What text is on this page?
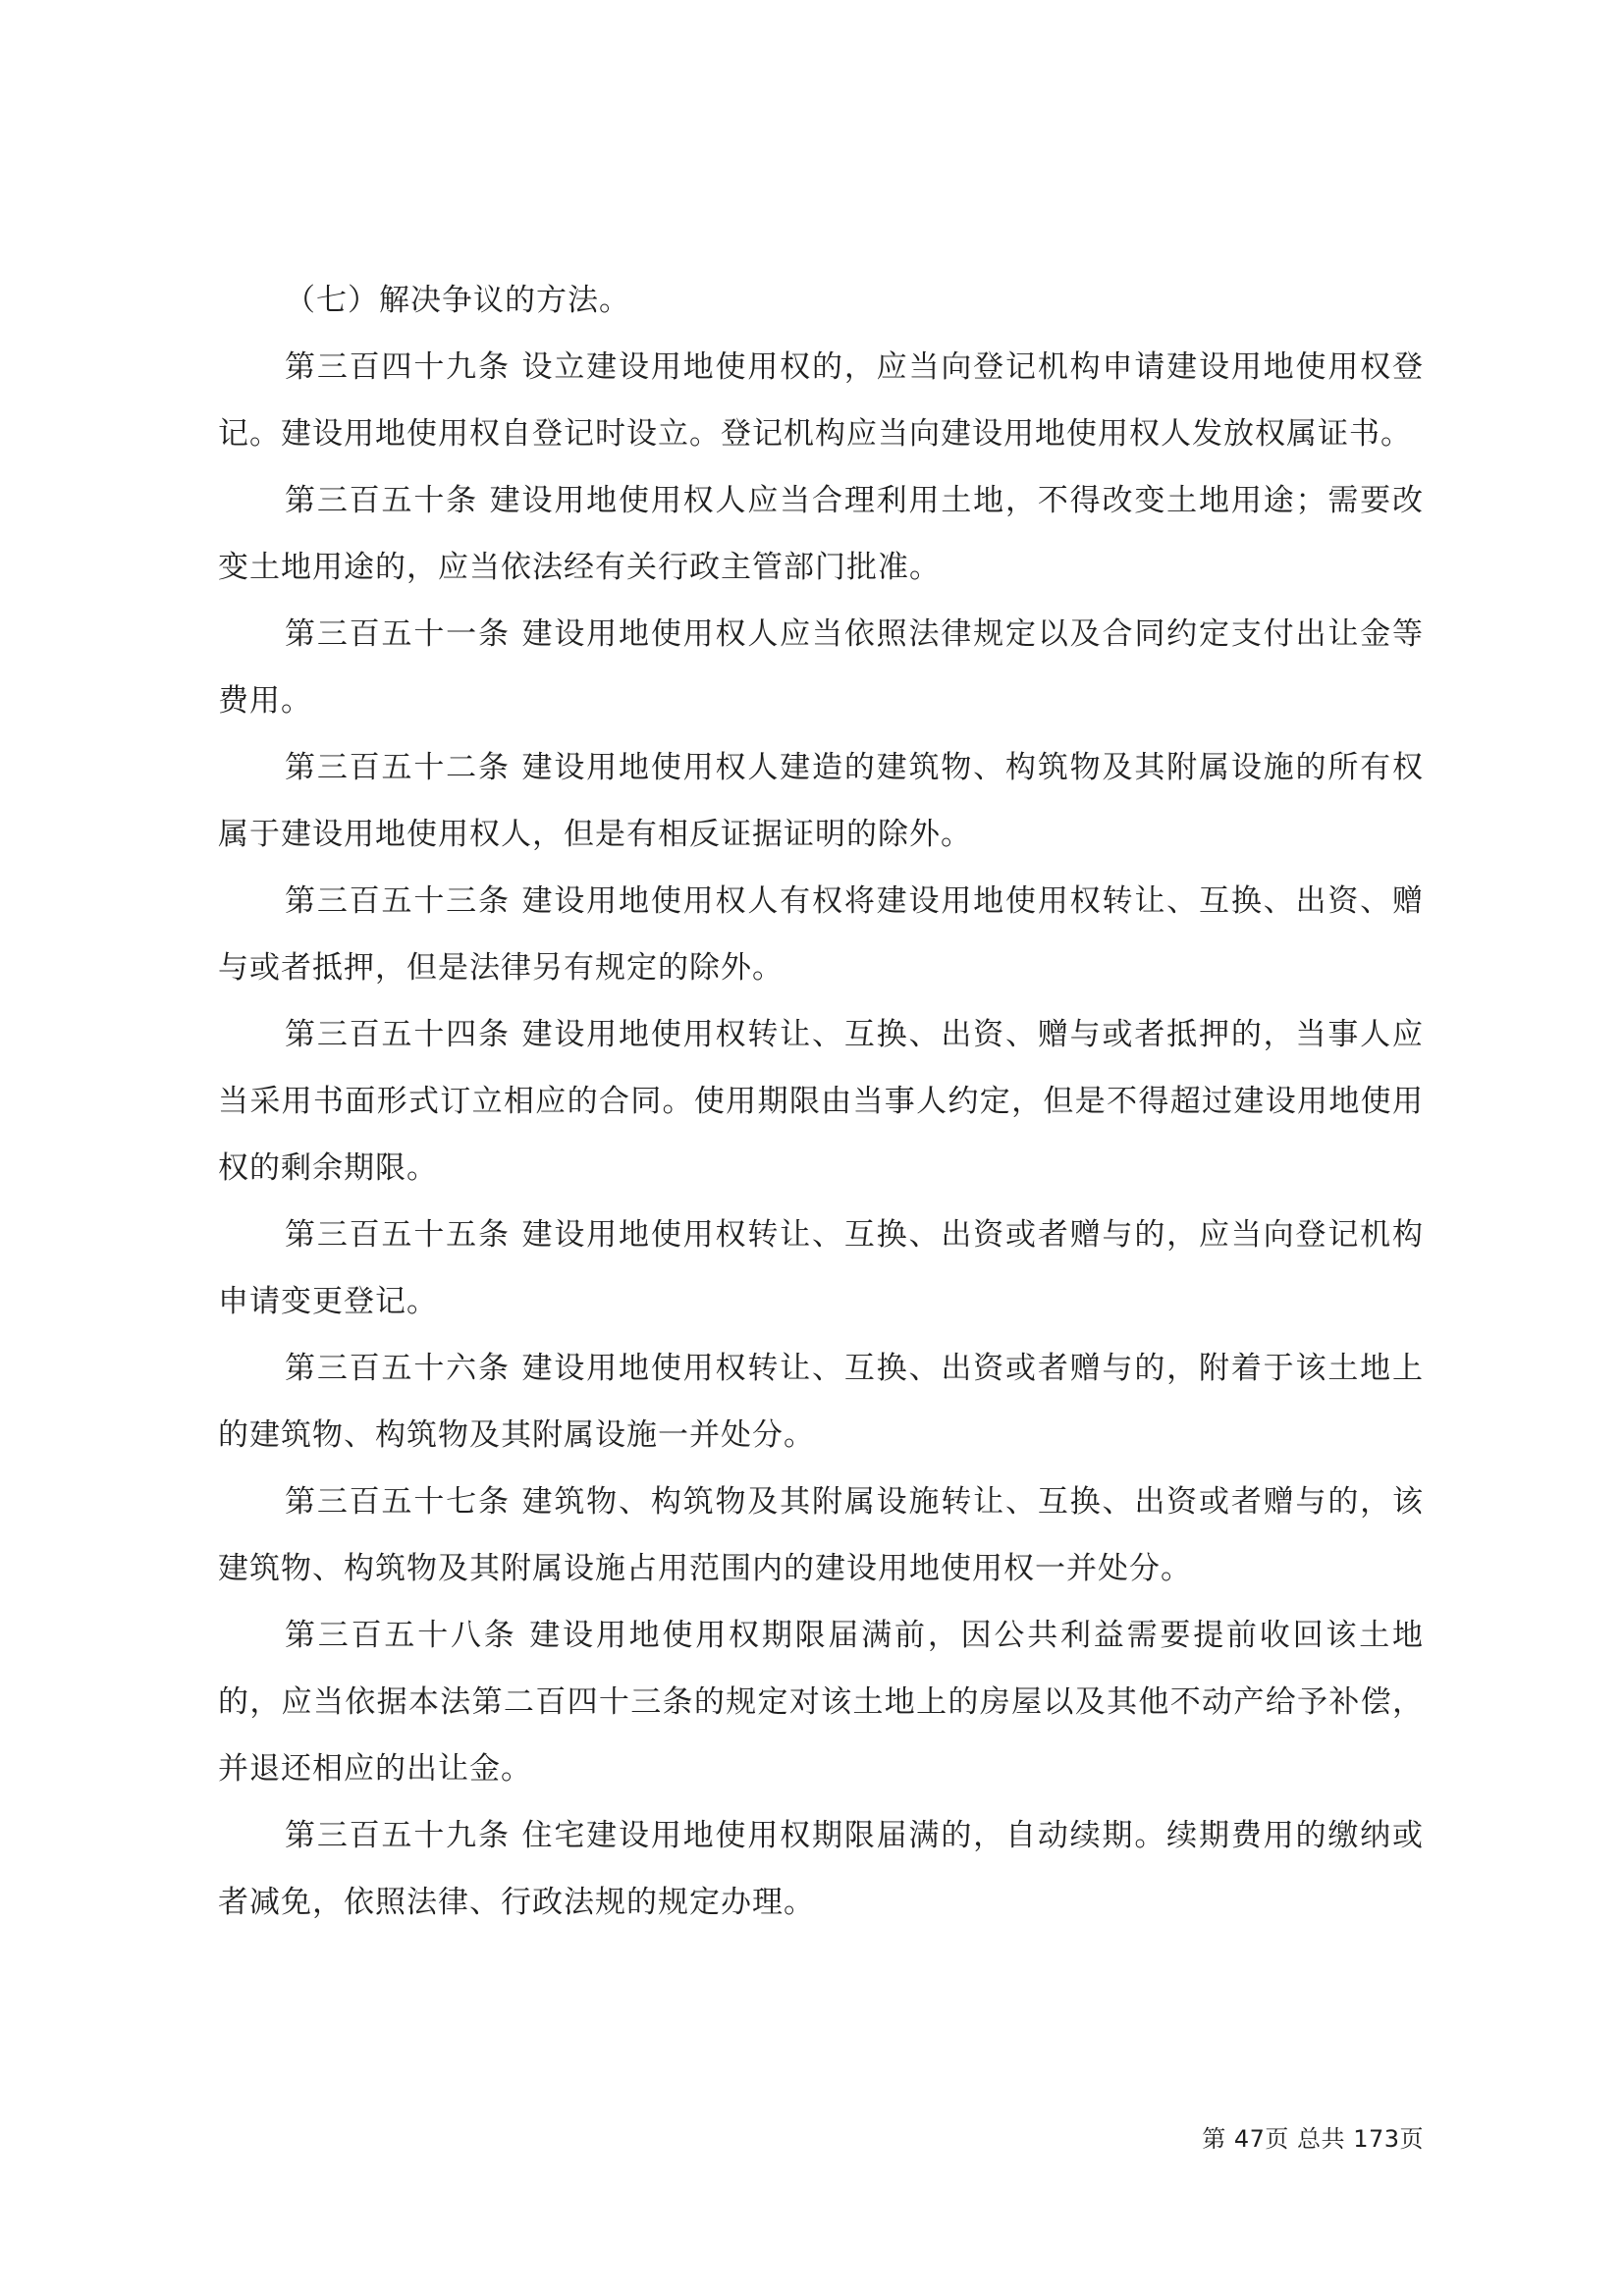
（七）解决争议的方法。

第三百四十九条 设立建设用地使用权的，应当向登记机构申请建设用地使用权登记。建设用地使用权自登记时设立。登记机构应当向建设用地使用权人发放权属证书。

第三百五十条 建设用地使用权人应当合理利用土地，不得改变土地用途；需要改变土地用途的，应当依法经有关行政主管部门批准。

第三百五十一条 建设用地使用权人应当依照法律规定以及合同约定支付出让金等费用。

第三百五十二条 建设用地使用权人建造的建筑物、构筑物及其附属设施的所有权属于建设用地使用权人，但是有相反证据证明的除外。

第三百五十三条 建设用地使用权人有权将建设用地使用权转让、互换、出资、赠与或者抵押，但是法律另有规定的除外。

第三百五十四条 建设用地使用权转让、互换、出资、赠与或者抵押的，当事人应当采用书面形式订立相应的合同。使用期限由当事人约定，但是不得超过建设用地使用权的剩余期限。

第三百五十五条 建设用地使用权转让、互换、出资或者赠与的，应当向登记机构申请变更登记。

第三百五十六条 建设用地使用权转让、互换、出资或者赠与的，附着于该土地上的建筑物、构筑物及其附属设施一并处分。

第三百五十七条 建筑物、构筑物及其附属设施转让、互换、出资或者赠与的，该建筑物、构筑物及其附属设施占用范围内的建设用地使用权一并处分。

第三百五十八条 建设用地使用权期限届满前，因公共利益需要提前收回该土地的，应当依据本法第二百四十三条的规定对该土地上的房屋以及其他不动产给予补偿，并退还相应的出让金。

第三百五十九条 住宅建设用地使用权期限届满的，自动续期。续期费用的缴纳或者减免，依照法律、行政法规的规定办理。

第 47页 总共 173页
